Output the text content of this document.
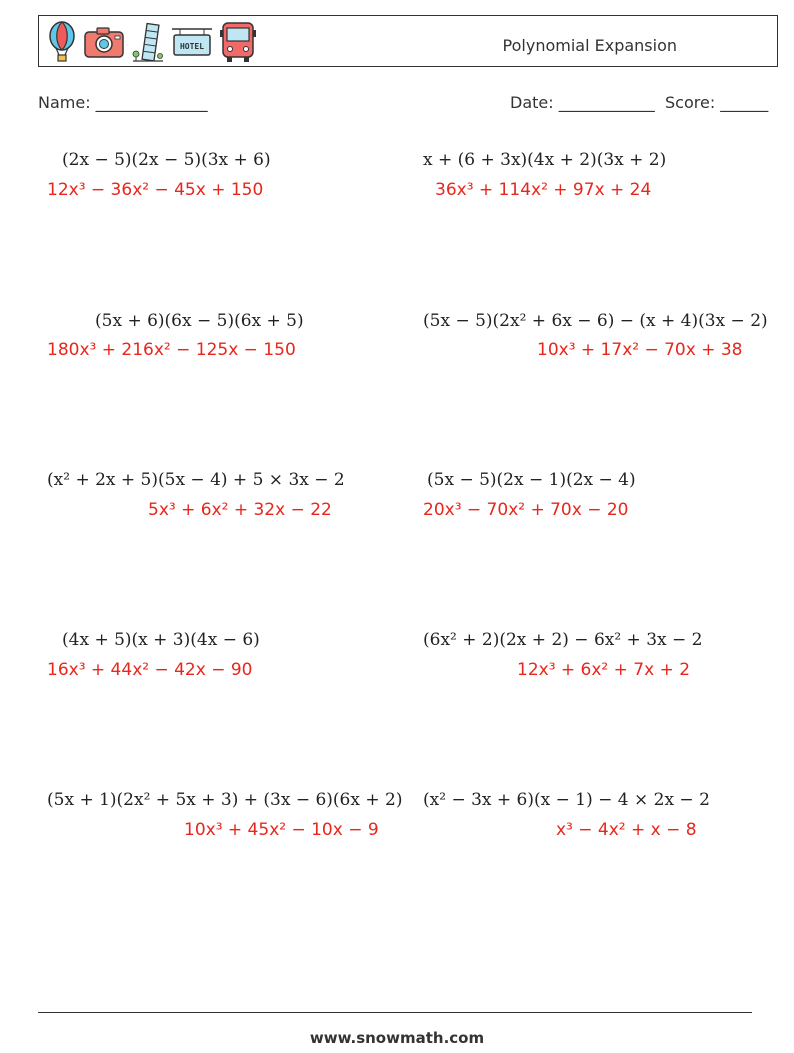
HOTEL	Polynomial Expansion
Name: ______________	Date: ____________ Score: ______
(2x − 5)(2x − 5)(3x + 6)
12x³ − 36x² − 45x + 150
x + (6 + 3x)(4x + 2)(3x + 2)
36x³ + 114x² + 97x + 24
(5x + 6)(6x − 5)(6x + 5)
180x³ + 216x² − 125x − 150
(5x − 5)(2x² + 6x − 6) − (x + 4)(3x − 2)
10x³ + 17x² − 70x + 38
(x² + 2x + 5)(5x − 4) + 5 × 3x − 2
5x³ + 6x² + 32x − 22
(5x − 5)(2x − 1)(2x − 4)
20x³ − 70x² + 70x − 20
(4x + 5)(x + 3)(4x − 6)
16x³ + 44x² − 42x − 90
(6x² + 2)(2x + 2) − 6x² + 3x − 2
12x³ + 6x² + 7x + 2
(5x + 1)(2x² + 5x + 3) + (3x − 6)(6x + 2)
10x³ + 45x² − 10x − 9
(x² − 3x + 6)(x − 1) − 4 × 2x − 2
x³ − 4x² + x − 8
www.snowmath.com
